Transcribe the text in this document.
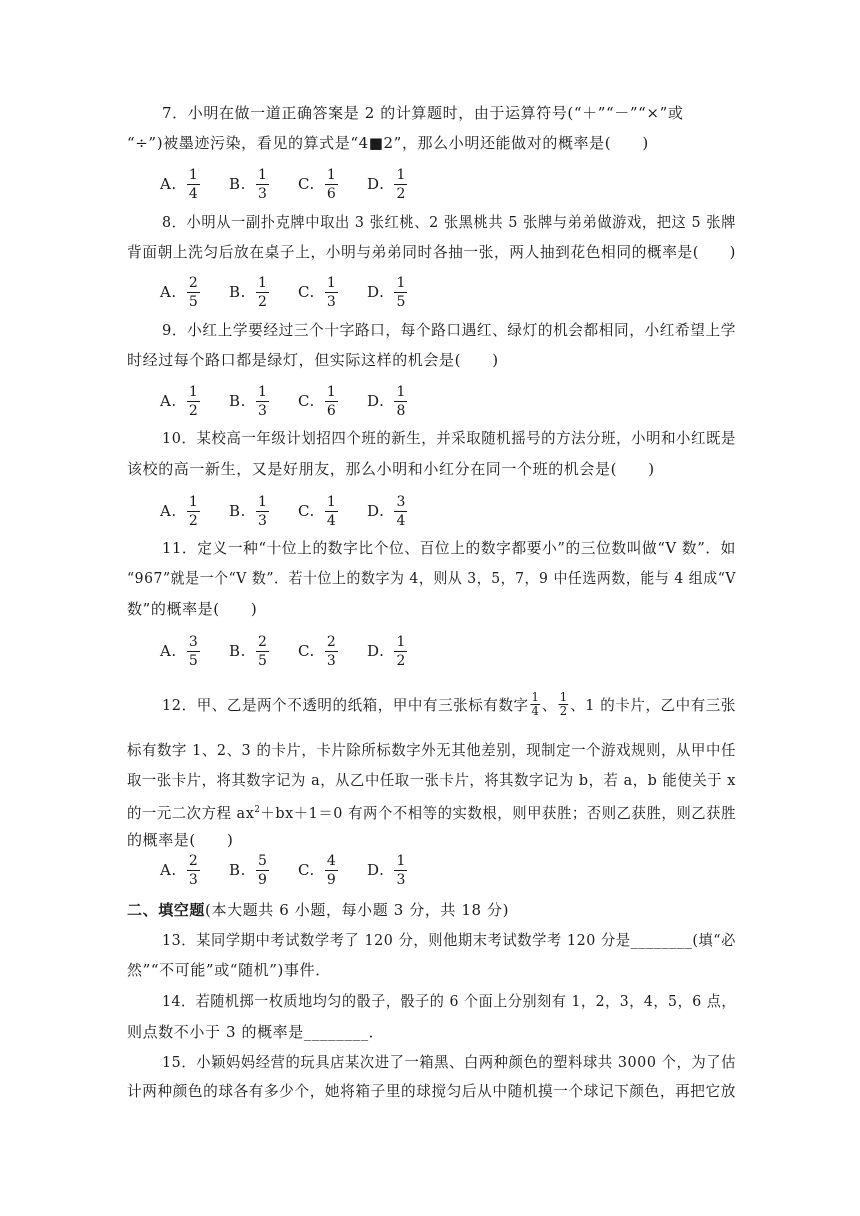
7．小明在做一道正确答案是 2 的计算题时，由于运算符号(“＋”“－”“×”或
“÷”)被墨迹污染，看见的算式是“4■2”，那么小明还能做对的概率是(　　)
A. $\frac{1}{4} B$. $\frac{1}{3} C$. $\frac{1}{6} D$. $\frac{1}{2}$
8．小明从一副扑克牌中取出 3 张红桃、2 张黑桃共 5 张牌与弟弟做游戏，把这 5 张牌
背面朝上洗匀后放在桌子上，小明与弟弟同时各抽一张，两人抽到花色相同的概率是(　　)
A. $\frac{2}{5} B$. $\frac{1}{2} C$. $\frac{1}{3} D$. $\frac{1}{5}$
9．小红上学要经过三个十字路口，每个路口遇红、绿灯的机会都相同，小红希望上学
时经过每个路口都是绿灯，但实际这样的机会是(　　)
A. $\frac{1}{2} B$. $\frac{1}{3} C$. $\frac{1}{6} D$. $\frac{1}{8}$
10．某校高一年级计划招四个班的新生，并采取随机摇号的方法分班，小明和小红既是
该校的高一新生，又是好朋友，那么小明和小红分在同一个班的机会是(　　)
A. $\frac{1}{2} B$. $\frac{1}{3} C$. $\frac{1}{4} D$. $\frac{3}{4}$
11．定义一种“十位上的数字比个位、百位上的数字都要小”的三位数叫做“V 数”．如
“967”就是一个“V 数”．若十位上的数字为 4，则从 3，5，7，9 中任选两数，能与 4 组成“V
数”的概率是(　　)
A. $\frac{3}{5} B$. $\frac{2}{5} C$. $\frac{2}{3} D$. $\frac{1}{2}$
12．甲、乙是两个不透明的纸箱，甲中有三张标有数字 $\frac{1}{4}$ 、 $\frac{1}{2}$ 、1 的卡片，乙中有三张
标有数字 1、2、3 的卡片，卡片除所标数字外无其他差别，现制定一个游戏规则，从甲中任
取一张卡片，将其数字记为 a，从乙中任取一张卡片，将其数字记为 b，若 a，b 能使关于 x
的一元二次方程 $ax^2+bx+1=0$ 有两个不相等的实数根，则甲获胜；否则乙获胜，则乙获胜
的概率是(　　)
A. $\frac{2}{3} B$. $\frac{5}{9} C$. $\frac{4}{9} D$. $\frac{1}{3}$
二、填空题(本大题共 6 小题，每小题 3 分，共 18 分)
13．某同学期中考试数学考了 120 分，则他期末考试数学考 120 分是________(填“必
然”“不可能”或“随机”)事件．
14．若随机掷一枚质地均匀的骰子，骰子的 6 个面上分别刻有 1，2，3，4，5，6 点，
则点数不小于 3 的概率是________．
15．小颖妈妈经营的玩具店某次进了一箱黑、白两种颜色的塑料球共 3000 个，为了估
计两种颜色的球各有多少个，她将箱子里的球搅匀后从中随机摸一个球记下颜色，再把它放
